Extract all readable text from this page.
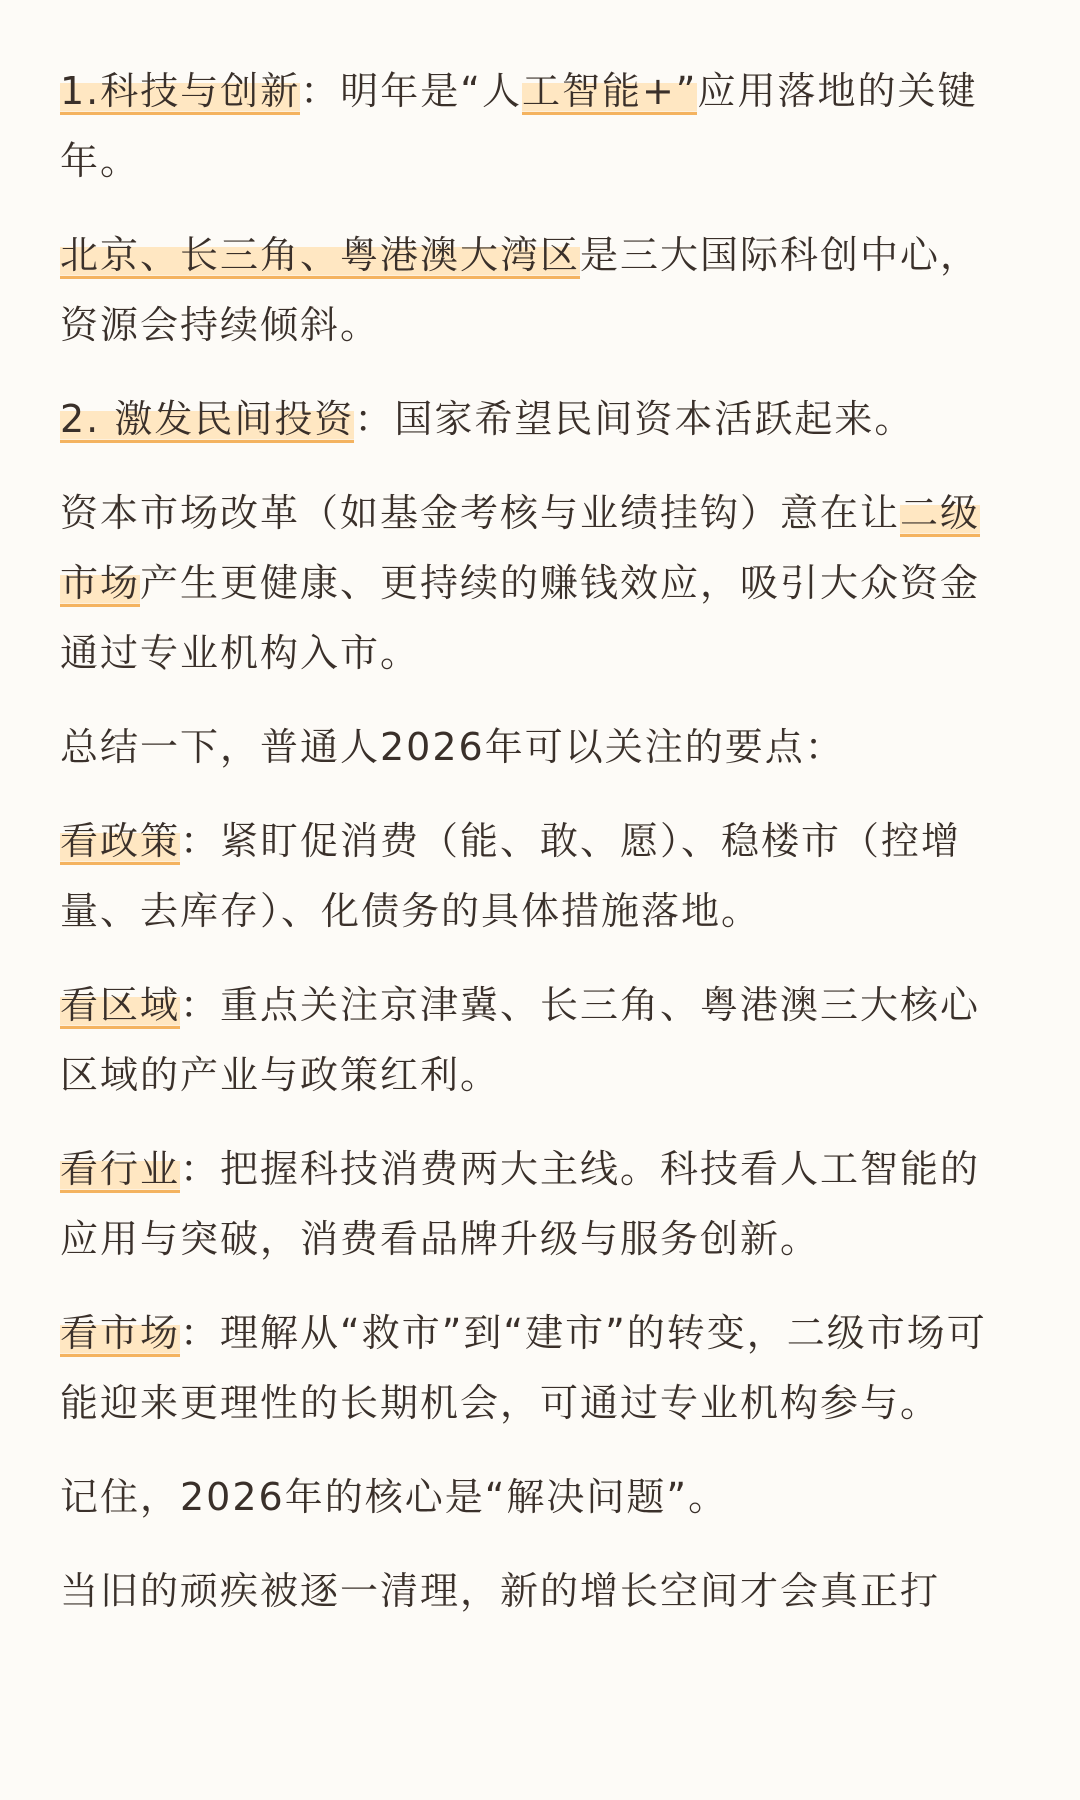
1.科技与创新：明年是“人工智能+”应用落地的关键年。

北京、长三角、粤港澳大湾区是三大国际科创中心，资源会持续倾斜。

2. 激发民间投资：国家希望民间资本活跃起来。

资本市场改革（如基金考核与业绩挂钩）意在让二级市场产生更健康、更持续的赚钱效应，吸引大众资金通过专业机构入市。

总结一下，普通人2026年可以关注的要点：

看政策：紧盯促消费（能、敢、愿）、稳楼市（控增量、去库存）、化债务的具体措施落地。

看区域：重点关注京津冀、长三角、粤港澳三大核心区域的产业与政策红利。

看行业：把握科技消费两大主线。科技看人工智能的应用与突破，消费看品牌升级与服务创新。

看市场：理解从“救市”到“建市”的转变，二级市场可能迎来更理性的长期机会，可通过专业机构参与。

记住，2026年的核心是“解决问题”。

当旧的顽疾被逐一清理，新的增长空间才会真正打
